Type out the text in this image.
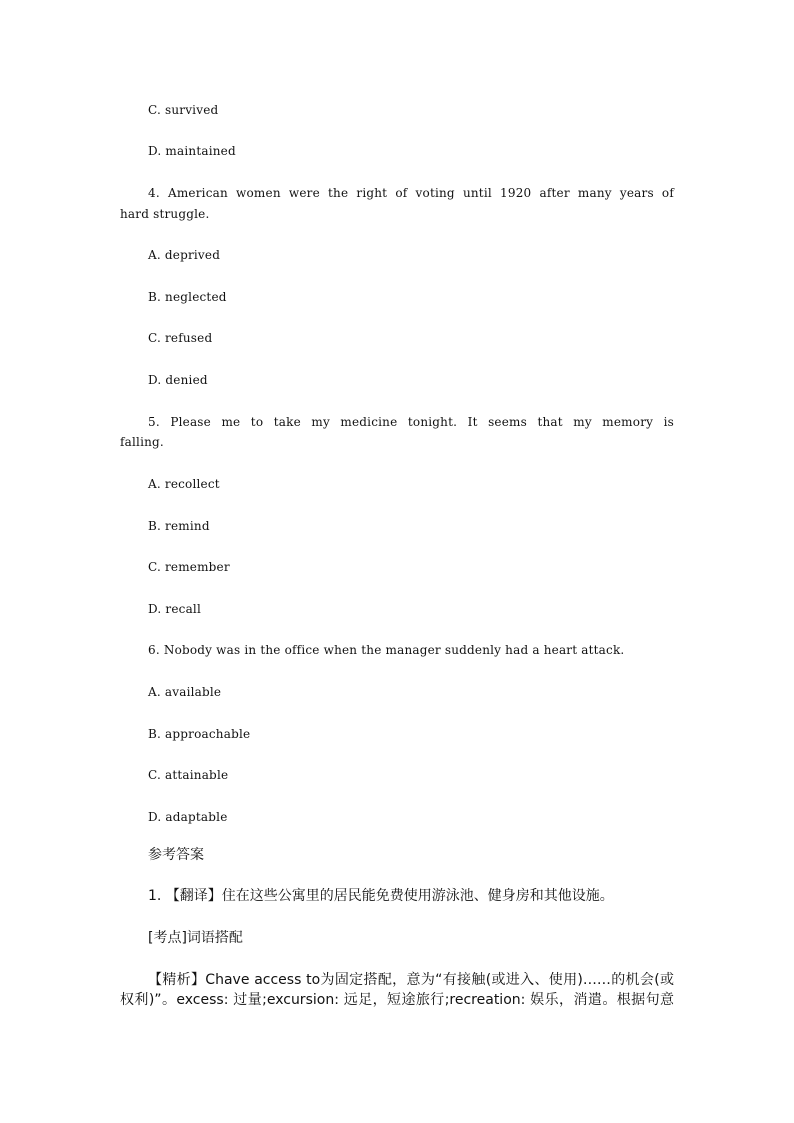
C. survived
D. maintained
4. American women were the right of voting until 1920 after many years of
hard struggle.
A. deprived
B. neglected
C. refused
D. denied
5. Please me to take my medicine tonight. It seems that my memory is
falling.
A. recollect
B. remind
C. remember
D. recall
6. Nobody was in the office when the manager suddenly had a heart attack.
A. available
B. approachable
C. attainable
D. adaptable
参考答案
1. 【翻译】住在这些公寓里的居民能免费使用游泳池、健身房和其他设施。
[考点]词语搭配
【精析】Chave access to为固定搭配，意为“有接触(或进入、使用)……的机会(或
权利)”。excess: 过量;excursion: 远足，短途旅行;recreation: 娱乐，消遣。根据句意
